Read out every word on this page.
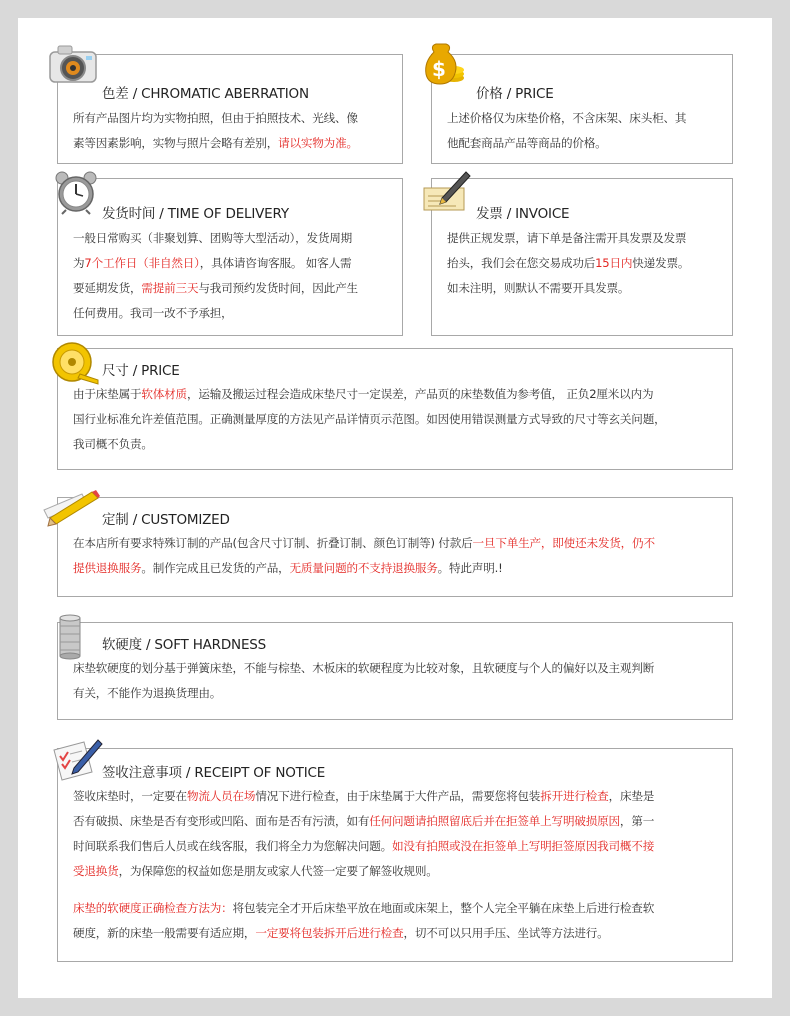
色差 / CHROMATIC ABERRATION
所有产品图片均为实物拍照，但由于拍照技术、光线、像
素等因素影响，实物与照片会略有差别，请以实物为准。
价格 / PRICE
上述价格仅为床垫价格，不含床架、床头柜、其
他配套商品产品等商品的价格。
$
发货时间 / TIME OF DELIVERY
一般日常购买（非聚划算、团购等大型活动），发货周期
为7个工作日（非自然日），具体请咨询客服。 如客人需
要延期发货，需提前三天与我司预约发货时间，因此产生
任何费用。我司一改不予承担，
发票 / INVOICE
提供正规发票，请下单是备注需开具发票及发票
抬头，我们会在您交易成功后15日内快递发票。
如未注明，则默认不需要开具发票。
尺寸 / PRICE
由于床垫属于软体材质，运输及搬运过程会造成床垫尺寸一定误差，产品页的床垫数值为参考值， 正负2厘米以内为
国行业标准允许差值范围。正确测量厚度的方法见产品详情页示范图。如因使用错误测量方式导致的尺寸等玄关问题，
我司概不负责。
定制 / CUSTOMIZED
在本店所有要求特殊订制的产品(包含尺寸订制、折叠订制、颜色订制等) 付款后一旦下单生产，即使还未发货，仍不
提供退换服务。制作完成且已发货的产品，无质量问题的不支持退换服务。特此声明.!
软硬度 / SOFT HARDNESS
床垫软硬度的划分基于弹簧床垫，不能与棕垫、木板床的软硬程度为比较对象，且软硬度与个人的偏好以及主观判断
有关，不能作为退换货理由。
签收注意事项 / RECEIPT OF NOTICE
签收床垫时，一定要在物流人员在场情况下进行检查，由于床垫属于大件产品，需要您将包装拆开进行检查，床垫是
否有破损、床垫是否有变形或凹陷、面布是否有污渍，如有任何问题请拍照留底后并在拒签单上写明破损原因，第一
时间联系我们售后人员或在线客服，我们将全力为您解决问题。如没有拍照或没在拒签单上写明拒签原因我司概不接
受退换货，为保障您的权益如您是朋友或家人代签一定要了解签收规则。
床垫的软硬度正确检查方法为：将包装完全才开后床垫平放在地面或床架上，整个人完全平躺在床垫上后进行检查软
硬度，新的床垫一般需要有适应期，一定要将包装拆开后进行检查，切不可以只用手压、坐试等方法进行。
